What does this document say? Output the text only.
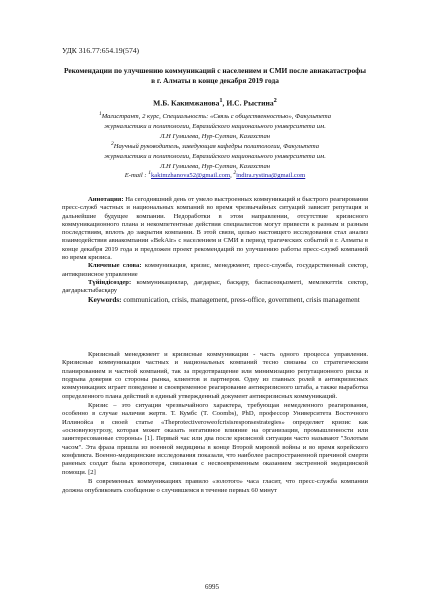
УДК 316.77:654.19(574)
Рекомендации по улучшению коммуникаций с населением и СМИ после авиакатастрофы в г. Алматы в конце декабря 2019 года
М.Б. Какимжанова$^1$, И.С. Рыстина$^2$
$^1$Магистрант, 2 курс, Специальность: «Связь с общественностью», Факультета
журналистики и политологии, Евразийского национального университета им.
Л.Н Гумилева, Нур-Султан, Казахстан
$^2$Научный руководитель, заведующая кафедры политологии, Факультета
журналистики и политологии, Евразийского национального университета им.
Л.Н Гумилева, Нур-Султан, Казахстан
E-mail : $^1$kakimzhanova52@gmail.com, $^2$indira.rystina@gmail.com

Аннотация: На сегодняшний день от умело выстроенных коммуникаций и быстрого реагирования пресс-служб частных и национальных компаний во время чрезвычайных ситуаций зависит репутация и дальнейшие будущее компании. Недоработки в этом направлении, отсутствие кризисного коммуникационного плана и некомпетентные действия специалистов могут привести к разным и разным последствиям, вплоть до закрытия компании. В этой связи, целью настоящего исследования стал анализ взаимодействия авиакомпании «BekAir» с населением и СМИ в период трагических событий в г. Алматы в конце декабря 2019 года и предложен проект рекомендаций по улучшению работы пресс-служб компаний во время кризиса.

Ключевые слова: коммуникация, кризис, менеджмент, пресс-служба, государственный сектор, антикризисное управление

Түйіндісөздер: коммуникациялар, дағдарыс, басқару, баспасөзқызметі, мемлекеттік сектор, дағдарыстыбасқару

Keywords: communication, crisis, management, press-office, government, crisis management

Кризисный менеджмент и кризисные коммуникации - часть одного процесса управления. Кризисные коммуникации частных и национальных компаний тесно связаны со стратегическим планированием и частной компаний, так за предотвращение или минимизацию репутационного риска и подрыва доверия со стороны рынка, клиентов и партнеров. Одну из главных ролей в антикризисных коммуникациях играет поведение и своевременное реагирование антикризисного штаба, а также выработка определенного плана действий в единый утвержденный документ антикризисных коммуникаций.

Кризис – это ситуация чрезвычайного характера, требующая немедленного реагирования, особенно в случае наличия жертв. Т. Кумбс (T. Coombs), PhD, профессор Университета Восточного Иллинойса в своей статье «Theprotectiveroweofcrisisresponsestrategies» определяет кризис как «основнуюугрозу, которая может оказать негативное влияние на организации, промышленности или заинтересованные стороны» [1]. Первый час или два после кризисной ситуации часто называют "Золотым часом". Эта фраза пришла из военной медицины в конце Второй мировой войны и во время корейского конфликта. Военно-медицинские исследования показали, что наиболее распространенной причиной смерти раненых солдат была кровопотеря, связанная с несвоевременным оказанием экстренной медицинской помощи. [2]

В современных коммуникациях правило «золотого» часа гласит, что пресс-служба компании должна опубликовать сообщение о случившемся в течение первых 60 минут

6995
